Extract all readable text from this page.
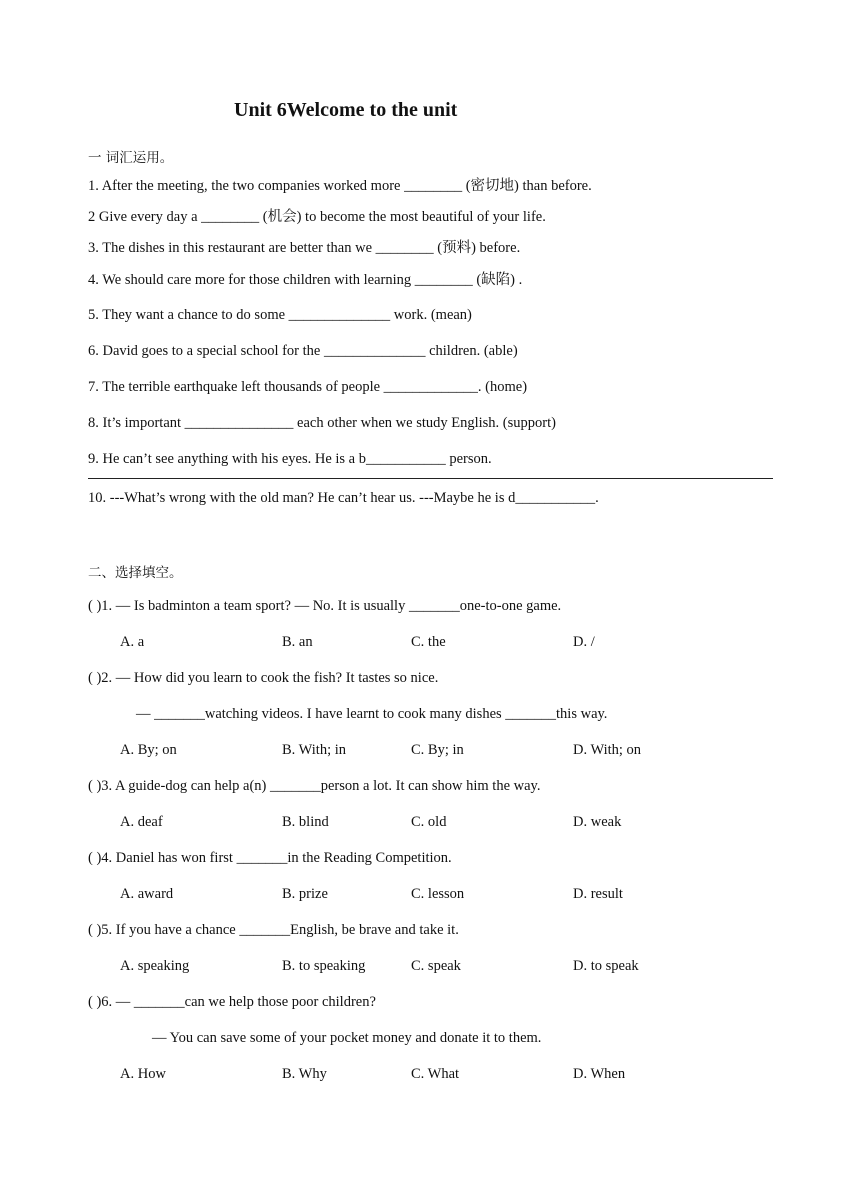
Unit 6Welcome to the unit
一 词汇运用。
1. After the meeting, the two companies worked more ________ (密切地) than before.
2 Give every day a ________ (机会) to become the most beautiful of your life.
3. The dishes in this restaurant are better than we ________ (预料) before.
4. We should care more for those children with learning ________ (缺陷) .
5. They want a chance to do some ______________ work. (mean)
6. David goes to a special school for the ______________ children. (able)
7. The terrible earthquake left thousands of people _____________. (home)
8. It’s important _______________ each other when we study English. (support)
9. He can’t see anything with his eyes. He is a b___________ person.
10. ---What’s wrong with the old man? He can’t hear us. ---Maybe he is d___________.
二、选择填空。
( )1. — Is badminton a team sport? — No. It is usually _______one-to-one game.
A. a	B. an	C. the	D. /
( )2. — How did you learn to cook the fish? It tastes so nice.
— _______watching videos. I have learnt to cook many dishes _______this way.
A. By; on	B. With; in	C. By; in	D. With; on
( )3. A guide-dog can help a(n) _______person a lot. It can show him the way.
A. deaf	B. blind	C. old	D. weak
( )4. Daniel has won first _______in the Reading Competition.
A. award	B. prize	C. lesson	D. result
( )5. If you have a chance _______English, be brave and take it.
A. speaking	B. to speaking	C. speak	D. to speak
( )6. — _______can we help those poor children?
— You can save some of your pocket money and donate it to them.
A. How	B. Why	C. What	D. When
